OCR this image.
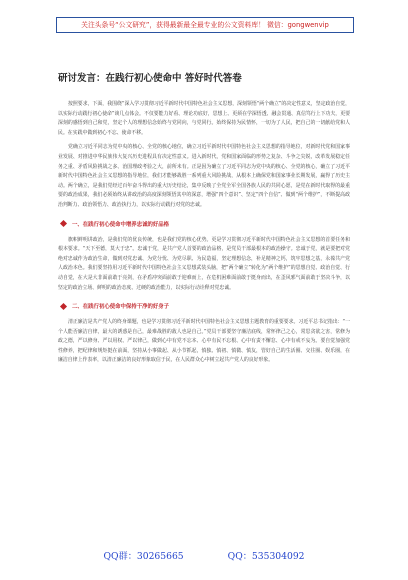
关注头条号“公文研究”，获得最新最全最专业的公文资料库！ 微信：gongwenvip
研讨发言：在践行初心使命中 答好时代答卷

按照要求，下面，我围绕“深入学习贯彻习近平新时代中国特色社会主义思想，深刻领悟“两个确立”的决定性意义，坚定政治自觉，以实际行动践行初心使命”谈几点体会。不仅要能力好看、理论功底好，思想上、更须在学深悟透、融会贯通、真信笃行上下功夫，更要深刻的感悟到自己和党，坚定个人的理想信念始终与党同向，与党同行。始终保持为民情怀，一切为了人民，把自己的一切献给党和人民。在实践中做到初心不忘、使命不移。

党确立习近平同志为党中央的核心、全党的核心地位，确立习近平新时代中国特色社会主义思想的指导地位，对新时代党和国家事业发展、对推进中华民族伟大复兴历史进程具有决定性意义。进入新时代，党和国家面临的形势之复杂、斗争之尖锐，改革发展稳定任务之重、矛盾风险挑战之多、治国理政考验之大，前所未有。正是因为确立了习近平同志为党中央的核心、全党的核心，确立了习近平新时代中国特色社会主义思想的指导地位，我们才能够战胜一系列重大风险挑战，从根本上确保党和国家事业长期发展，赢得了历史主动。两个确立，是我们党经过百年奋斗得出的重大历史结论，集中反映了全党全军全国各族人民的共同心愿，是党在新时代取得的最重要的政治成果，我们必须始终从讲政治的高度深刻领悟其中的深意，增强“四个意识”、坚定“四个自信”、做到“两个维护”，不断提高政治判断力、政治领悟力、政治执行力，以实际行动践行对党的忠诚。

一、在践行初心使命中增养忠诚的好品格

旗帜鲜明讲政治，是我们党的优良传统，也是我们党的核心优势。更是学习贯彻习近平新时代中国特色社会主义思想的首要任务和根本要求。“天下至德，莫大于忠”。忠诚于党，是共产党人首要的政治品格，是党员干部最根本的政治操守。忠诚于党，就是要把对党绝对忠诚作为政治生命，做到对党忠诚、为党分忧、为党尽职、为民造福，坚定理想信念，补足精神之钙，筑牢思想之基，永葆共产党人政治本色。我们要坚持用习近平新时代中国特色社会主义思想武装头脑，把“两个确立”转化为“两个维护”的思想自觉、政治自觉、行动自觉，在大是大非面前敢于亮剑，在矛盾冲突面前敢于迎难而上，在危机困难面前敢于挺身而出，在歪风邪气面前敢于坚决斗争，以坚定的政治立场、鲜明的政治态度、过硬的政治能力，以实际行动诠释对党忠诚。

二、在践行初心使命中保持干净的好身子

清正廉洁是共产党人的终身课题，也是学习贯彻习近平新时代中国特色社会主义思想主题教育的重要要求。习近平总书记指出：“一个人能否廉洁自律，最大的诱惑是自己，最难战胜的敌人也是自己。”党员干部要坚守廉洁底线，常怀律己之心，常思贪欲之害，常修为政之德，严以修身、严以用权、严以律己，做到心中有党不忘本、心中有民不忘根、心中有责不懈怠、心中有戒不妄为。要自觉加强党性修养，把纪律和规矩挺在前面，坚持从小事做起、从小节抓起，慎独、慎初、慎微、慎友，管好自己的生活圈、交往圈、娱乐圈，在廉洁自律上作表率，以清正廉洁的良好形象取信于民，在人民群众心中树立起共产党人的良好形象。

QQ群：30265665	QQ：535304092
